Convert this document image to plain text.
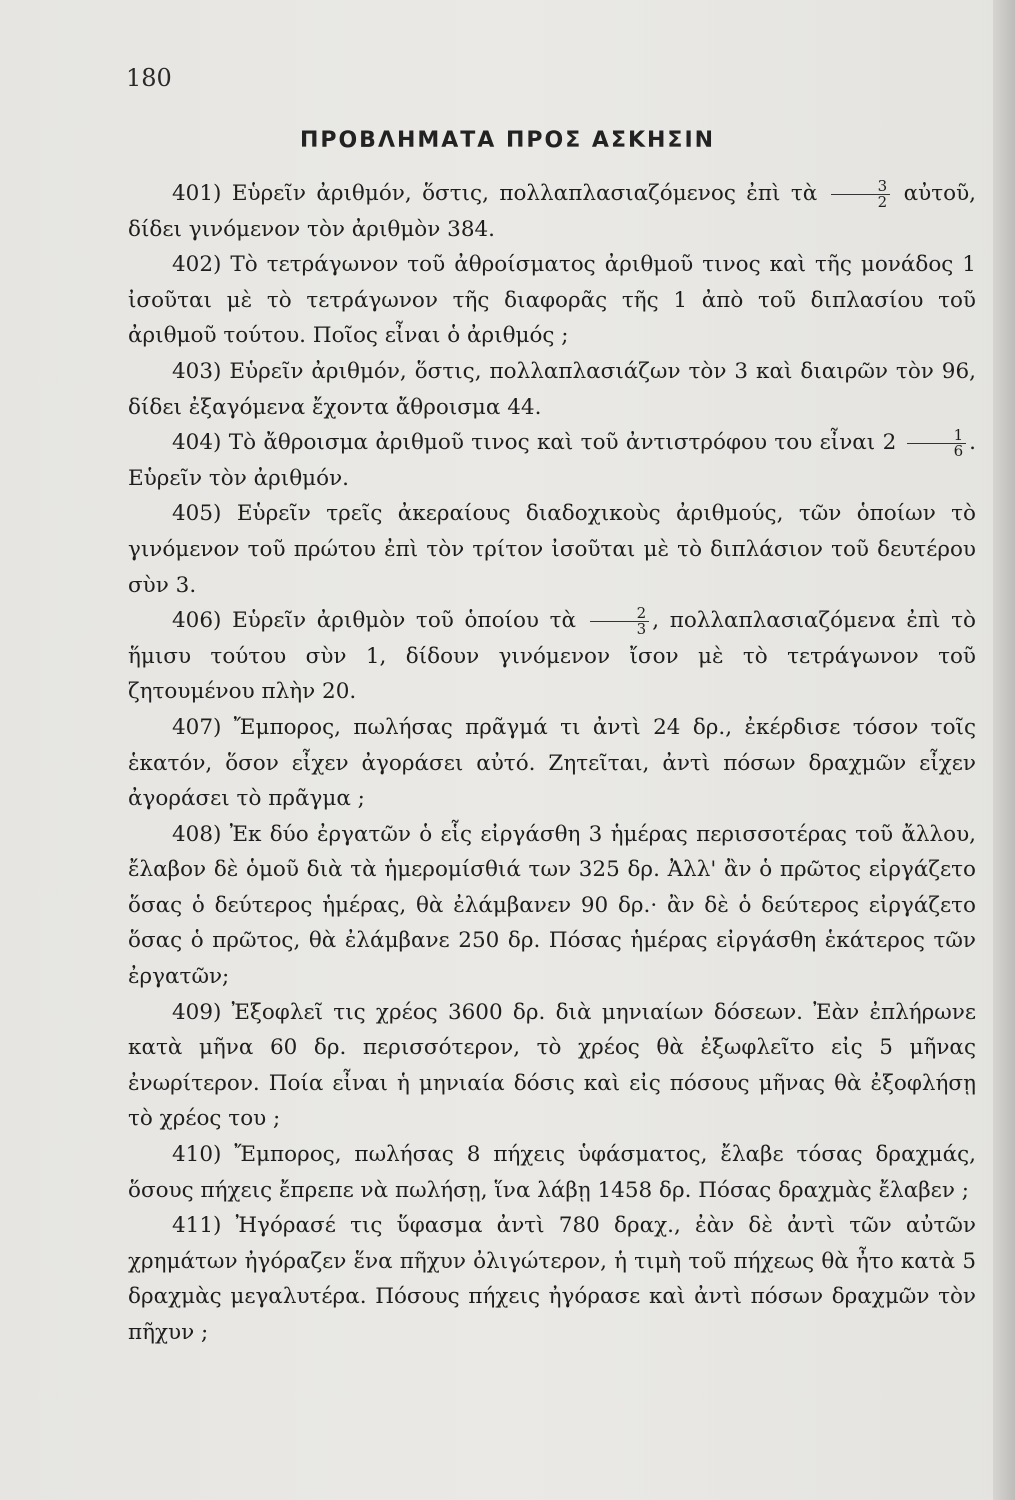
180
ΠΡΟΒΛΗΜΑΤΑ ΠΡΟΣ ΑΣΚΗΣΙΝ

401) Εὑρεῖν ἀριθμόν, ὅστις, πολλαπλασιαζόμενος ἐπὶ τὰ $\frac{3}{2}$ αὐτοῦ, δίδει γινόμενον τὸν ἀριθμὸν 384.

402) Τὸ τετράγωνον τοῦ ἀθροίσματος ἀριθμοῦ τινος καὶ τῆς μονάδος 1 ἰσοῦται μὲ τὸ τετράγωνον τῆς διαφορᾶς τῆς 1 ἀπὸ τοῦ διπλασίου τοῦ ἀριθμοῦ τούτου. Ποῖος εἶναι ὁ ἀριθμός ;

403) Εὑρεῖν ἀριθμόν, ὅστις, πολλαπλασιάζων τὸν 3 καὶ διαιρῶν τὸν 96, δίδει ἐξαγόμενα ἔχοντα ἄθροισμα 44.

404) Τὸ ἄθροισμα ἀριθμοῦ τινος καὶ τοῦ ἀντιστρόφου του εἶναι $2 \frac{1}{6}$ . Εὑρεῖν τὸν ἀριθμόν.

405) Εὑρεῖν τρεῖς ἀκεραίους διαδοχικοὺς ἀριθμούς, τῶν ὁποίων τὸ γινόμενον τοῦ πρώτου ἐπὶ τὸν τρίτον ἰσοῦται μὲ τὸ διπλάσιον τοῦ δευτέρου σὺν 3.

406) Εὑρεῖν ἀριθμὸν τοῦ ὁποίου τὰ $\frac{2}{3}$ , πολλαπλασιαζόμενα ἐπὶ τὸ ἥμισυ τούτου σὺν 1, δίδουν γινόμενον ἴσον μὲ τὸ τετράγωνον τοῦ ζητουμένου πλὴν 20.

407) Ἔμπορος, πωλήσας πρᾶγμά τι ἀντὶ 24 δρ., ἐκέρδισε τόσον τοῖς ἑκατόν, ὅσον εἶχεν ἀγοράσει αὐτό. Ζητεῖται, ἀντὶ πόσων δραχμῶν εἶχεν ἀγοράσει τὸ πρᾶγμα ;

408) Ἐκ δύο ἐργατῶν ὁ εἷς εἰργάσθη 3 ἡμέρας περισσοτέρας τοῦ ἄλλου, ἔλαβον δὲ ὁμοῦ διὰ τὰ ἡμερομίσθιά των 325 δρ. Ἀλλ' ἂν ὁ πρῶτος εἰργάζετο ὅσας ὁ δεύτερος ἡμέρας, θὰ ἐλάμβανεν 90 δρ.· ἂν δὲ ὁ δεύτερος εἰργάζετο ὅσας ὁ πρῶτος, θὰ ἐλάμβανε 250 δρ. Πόσας ἡμέρας εἰργάσθη ἑκάτερος τῶν ἐργατῶν;

409) Ἐξοφλεῖ τις χρέος 3600 δρ. διὰ μηνιαίων δόσεων. Ἐὰν ἐπλήρωνε κατὰ μῆνα 60 δρ. περισσότερον, τὸ χρέος θὰ ἐξωφλεῖτο εἰς 5 μῆνας ἐνωρίτερον. Ποία εἶναι ἡ μηνιαία δόσις καὶ εἰς πόσους μῆνας θὰ ἐξοφλήσῃ τὸ χρέος του ;

410) Ἔμπορος, πωλήσας 8 πήχεις ὑφάσματος, ἔλαβε τόσας δραχμάς, ὅσους πήχεις ἔπρεπε νὰ πωλήσῃ, ἵνα λάβῃ 1458 δρ. Πόσας δραχμὰς ἔλαβεν ;

411) Ἠγόρασέ τις ὕφασμα ἀντὶ 780 δραχ., ἐὰν δὲ ἀντὶ τῶν αὐτῶν χρημάτων ἠγόραζεν ἕνα πῆχυν ὀλιγώτερον, ἡ τιμὴ τοῦ πήχεως θὰ ἦτο κατὰ 5 δραχμὰς μεγαλυτέρα. Πόσους πήχεις ἠγόρασε καὶ ἀντὶ πόσων δραχμῶν τὸν πῆχυν ;
